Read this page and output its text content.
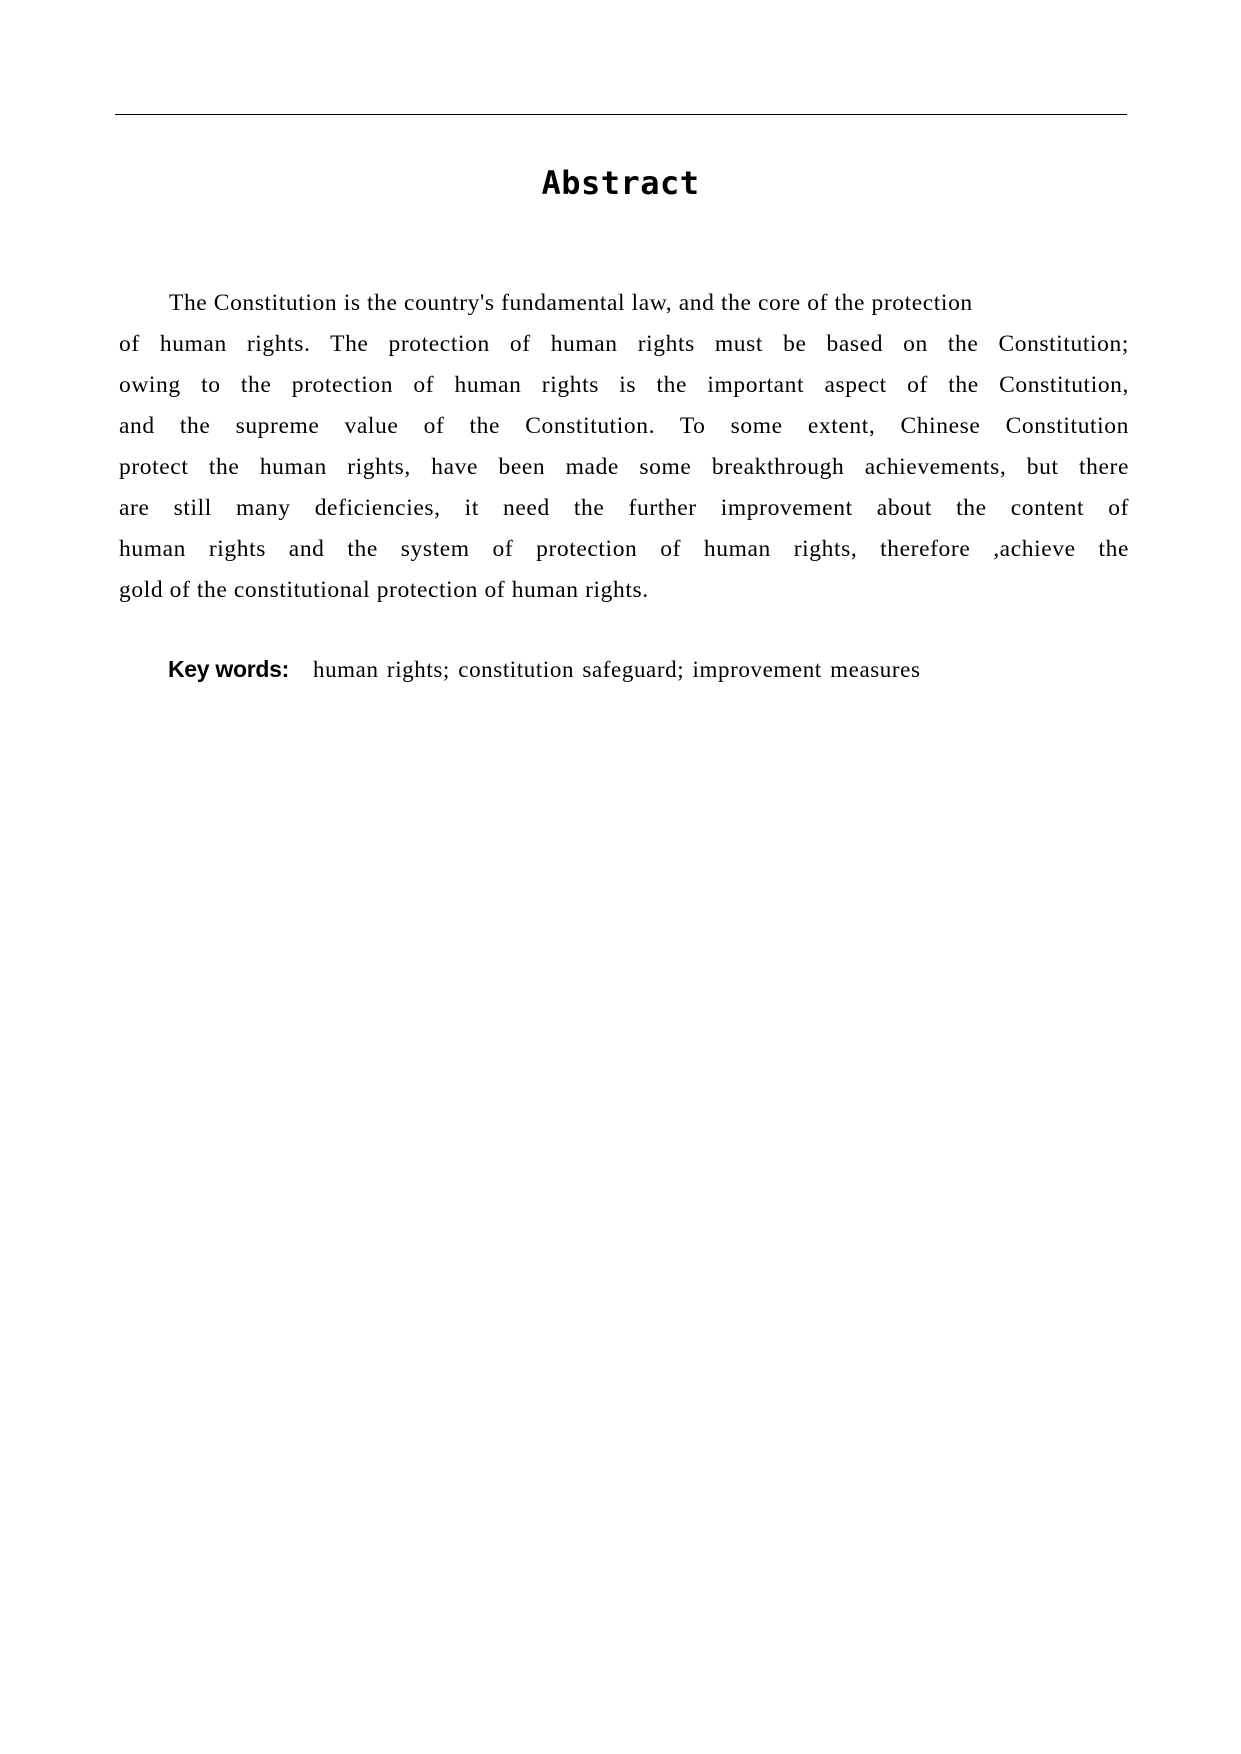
Abstract
The Constitution is the country's fundamental law, and the core of the protection
of human rights. The protection of human rights must be based on the Constitution;
owing to the protection of human rights is the important aspect of the Constitution,
and the supreme value of the Constitution. To some extent, Chinese Constitution
protect the human rights, have been made some breakthrough achievements, but there
are still many deficiencies, it need the further improvement about the content of
human rights and the system of protection of human rights, therefore ,achieve the
gold of the constitutional protection of human rights.
Key words: human rights; constitution safeguard; improvement measures
